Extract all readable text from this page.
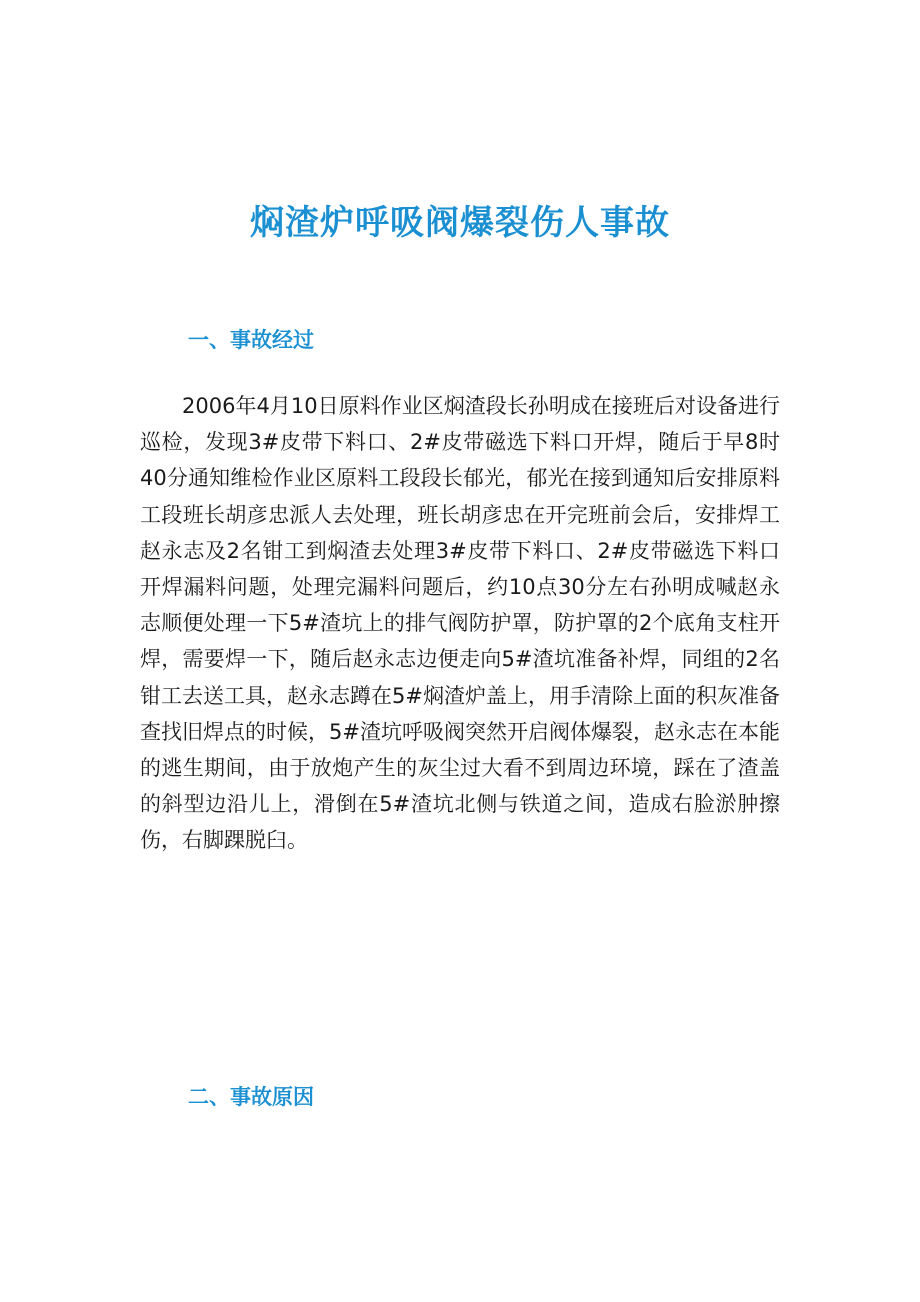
焖渣炉呼吸阀爆裂伤人事故
一、事故经过

2006年4月10日原料作业区焖渣段长孙明成在接班后对设备进行巡检，发现3#皮带下料口、2#皮带磁选下料口开焊，随后于早8时40分通知维检作业区原料工段段长郁光，郁光在接到通知后安排原料工段班长胡彦忠派人去处理，班长胡彦忠在开完班前会后，安排焊工赵永志及2名钳工到焖渣去处理3#皮带下料口、2#皮带磁选下料口开焊漏料问题，处理完漏料问题后，约10点30分左右孙明成喊赵永志顺便处理一下5#渣坑上的排气阀防护罩，防护罩的2个底角支柱开焊，需要焊一下，随后赵永志边便走向5#渣坑准备补焊，同组的2名钳工去送工具，赵永志蹲在5#焖渣炉盖上，用手清除上面的积灰准备查找旧焊点的时候，5#渣坑呼吸阀突然开启阀体爆裂，赵永志在本能的逃生期间，由于放炮产生的灰尘过大看不到周边环境，踩在了渣盖的斜型边沿儿上，滑倒在5#渣坑北侧与铁道之间，造成右脸淤肿擦伤，右脚踝脱臼。

二、事故原因
